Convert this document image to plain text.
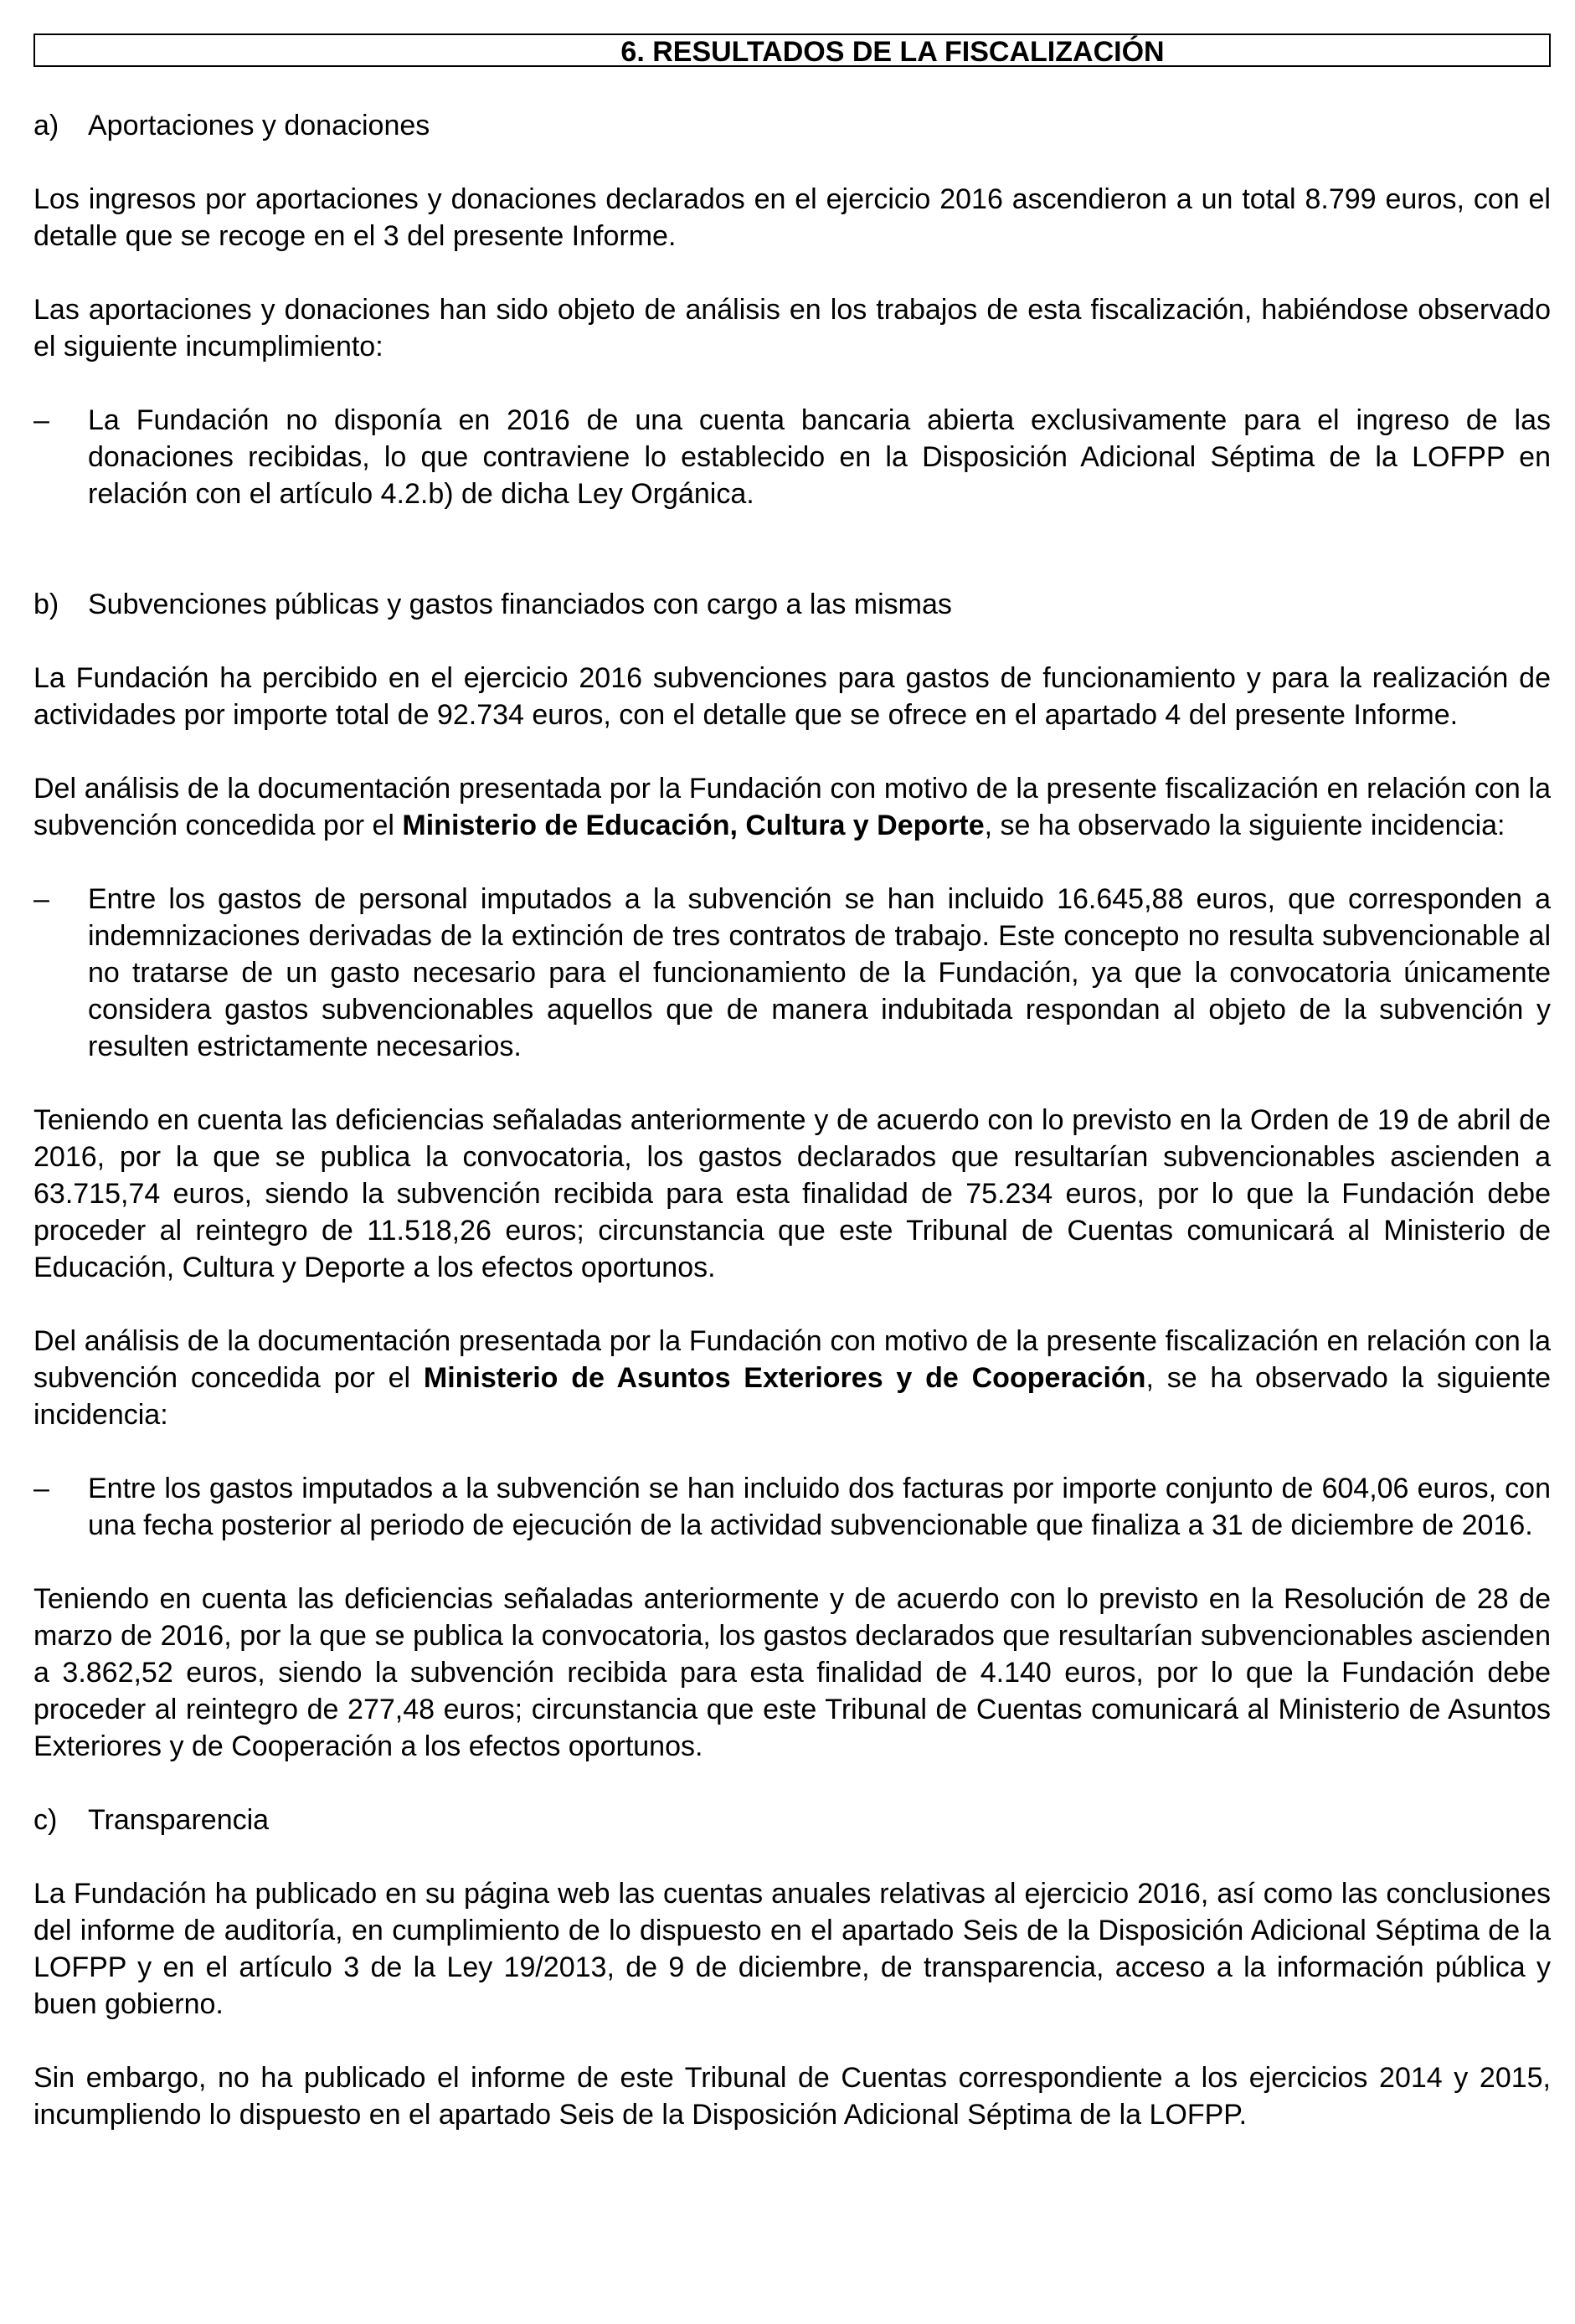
6. RESULTADOS DE LA FISCALIZACIÓN
a)	Aportaciones y donaciones

Los ingresos por aportaciones y donaciones declarados en el ejercicio 2016 ascendieron a un total 8.799 euros, con el detalle que se recoge en el 3 del presente Informe.

Las aportaciones y donaciones han sido objeto de análisis en los trabajos de esta fiscalización, habiéndose observado el siguiente incumplimiento:

–	La Fundación no disponía en 2016 de una cuenta bancaria abierta exclusivamente para el ingreso de las donaciones recibidas, lo que contraviene lo establecido en la Disposición Adicional Séptima de la LOFPP en relación con el artículo 4.2.b) de dicha Ley Orgánica.
b)	Subvenciones públicas y gastos financiados con cargo a las mismas

La Fundación ha percibido en el ejercicio 2016 subvenciones para gastos de funcionamiento y para la realización de actividades por importe total de 92.734 euros, con el detalle que se ofrece en el apartado 4 del presente Informe.

Del análisis de la documentación presentada por la Fundación con motivo de la presente fiscalización en relación con la subvención concedida por el Ministerio de Educación, Cultura y Deporte, se ha observado la siguiente incidencia:

–	Entre los gastos de personal imputados a la subvención se han incluido 16.645,88 euros, que corresponden a indemnizaciones derivadas de la extinción de tres contratos de trabajo. Este concepto no resulta subvencionable al no tratarse de un gasto necesario para el funcionamiento de la Fundación, ya que la convocatoria únicamente considera gastos subvencionables aquellos que de manera indubitada respondan al objeto de la subvención y resulten estrictamente necesarios.

Teniendo en cuenta las deficiencias señaladas anteriormente y de acuerdo con lo previsto en la Orden de 19 de abril de 2016, por la que se publica la convocatoria, los gastos declarados que resultarían subvencionables ascienden a 63.715,74 euros, siendo la subvención recibida para esta finalidad de 75.234 euros, por lo que la Fundación debe proceder al reintegro de 11.518,26 euros; circunstancia que este Tribunal de Cuentas comunicará al Ministerio de Educación, Cultura y Deporte a los efectos oportunos.

Del análisis de la documentación presentada por la Fundación con motivo de la presente fiscalización en relación con la subvención concedida por el Ministerio de Asuntos Exteriores y de Cooperación, se ha observado la siguiente incidencia:

–	Entre los gastos imputados a la subvención se han incluido dos facturas por importe conjunto de 604,06 euros, con una fecha posterior al periodo de ejecución de la actividad subvencionable que finaliza a 31 de diciembre de 2016.

Teniendo en cuenta las deficiencias señaladas anteriormente y de acuerdo con lo previsto en la Resolución de 28 de marzo de 2016, por la que se publica la convocatoria, los gastos declarados que resultarían subvencionables ascienden a 3.862,52 euros, siendo la subvención recibida para esta finalidad de 4.140 euros, por lo que la Fundación debe proceder al reintegro de 277,48 euros; circunstancia que este Tribunal de Cuentas comunicará al Ministerio de Asuntos Exteriores y de Cooperación a los efectos oportunos.

c)	Transparencia

La Fundación ha publicado en su página web las cuentas anuales relativas al ejercicio 2016, así como las conclusiones del informe de auditoría, en cumplimiento de lo dispuesto en el apartado Seis de la Disposición Adicional Séptima de la LOFPP y en el artículo 3 de la Ley 19/2013, de 9 de diciembre, de transparencia, acceso a la información pública y buen gobierno.

Sin embargo, no ha publicado el informe de este Tribunal de Cuentas correspondiente a los ejercicios 2014 y 2015, incumpliendo lo dispuesto en el apartado Seis de la Disposición Adicional Séptima de la LOFPP.
